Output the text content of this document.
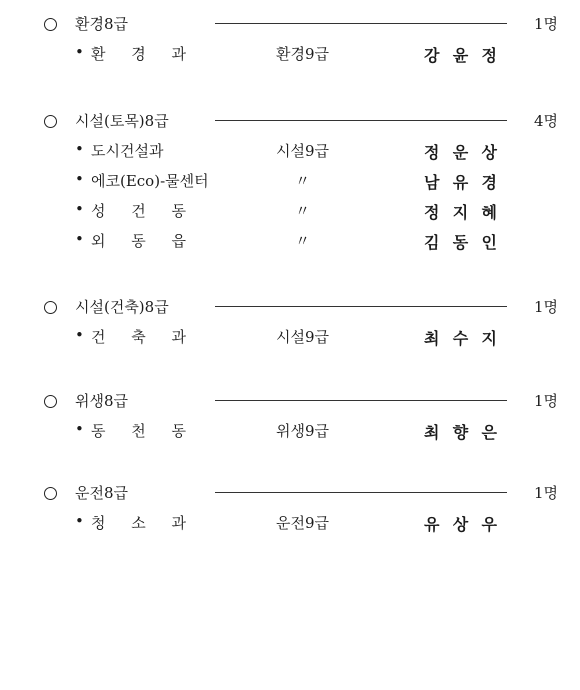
환경8급	1명
• 환 경 과	환경9급	강 윤 정
시설(토목)8급	4명
• 도시건설과	시설9급	정 운 상
• 에코(Eco)-물센터	〃	남 유 경
• 성 건 동	〃	정 지 혜
• 외 동 읍	〃	김 동 인
시설(건축)8급	1명
• 건 축 과	시설9급	최 수 지
위생8급	1명
• 동 천 동	위생9급	최 향 은
운전8급	1명
• 청 소 과	운전9급	유 상 우
